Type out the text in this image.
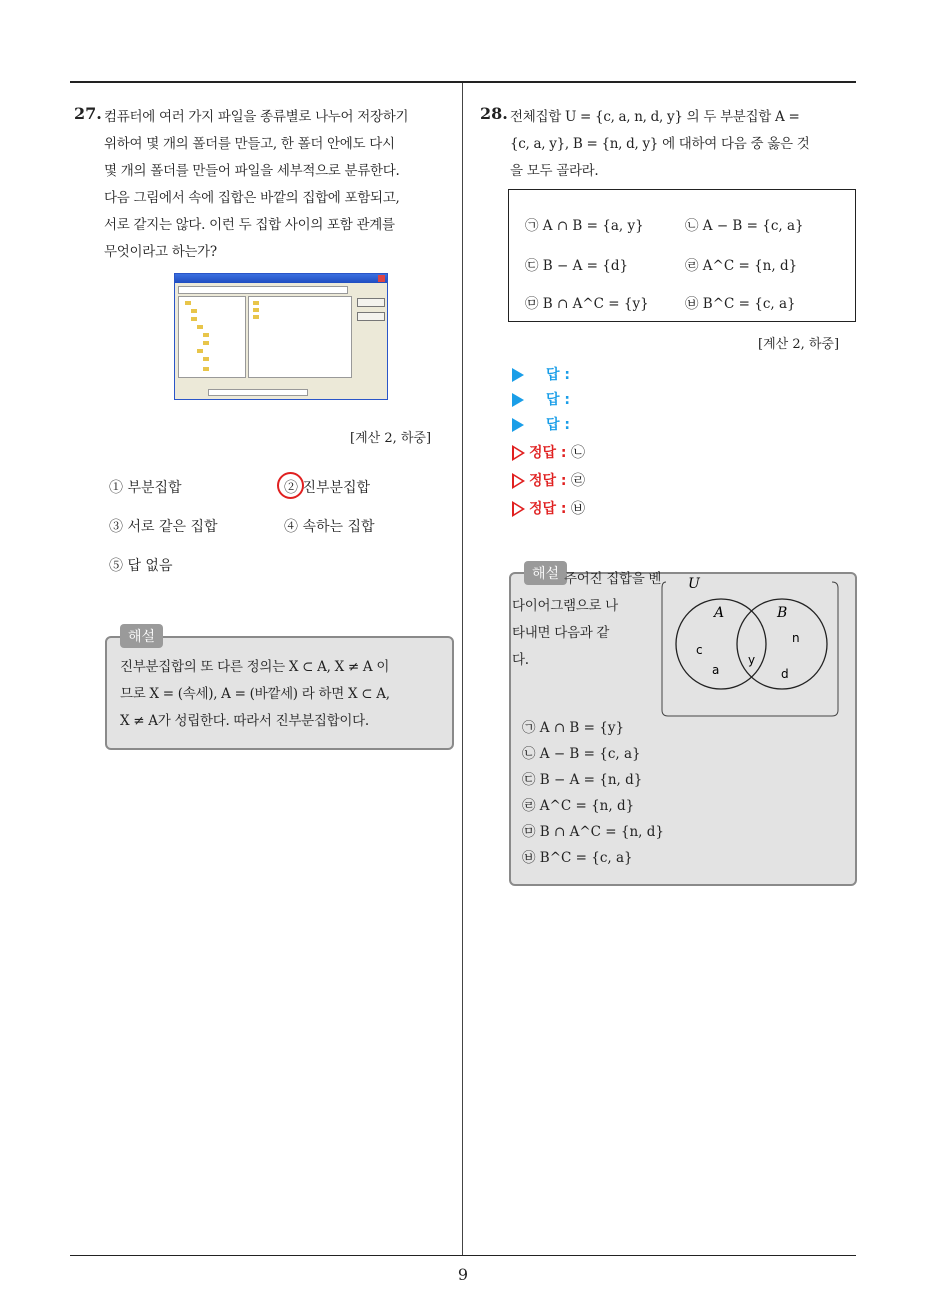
9
27. 컴퓨터에 여러 가지 파일을 종류별로 나누어 저장하기

위하여 몇 개의 폴더를 만들고, 한 폴더 안에도 다시

몇 개의 폴더를 만들어 파일을 세부적으로 분류한다.

다음 그림에서 속에 집합은 바깥의 집합에 포함되고,

서로 같지는 않다. 이런 두 집합 사이의 포함 관계를

무엇이라고 하는가?

[계산 2, 하중]
① 부분집합	② 진부분집합
③ 서로 같은 집합	④ 속하는 집합
⑤ 답 없음
해설

진부분집합의 또 다른 정의는 X ⊂ A, X ≠ A 이

므로 X = (속세), A = (바깥세) 라 하면 X ⊂ A,

X ≠ A가 성립한다. 따라서 진부분집합이다.

28. 전체집합 U = {c, a, n, d, y} 의 두 부분집합 A =

{c, a, y}, B = {n, d, y} 에 대하여 다음 중 옳은 것

을 모두 골라라.

㉠ A ∩ B = {a, y}	㉡ A − B = {c, a}
㉢ B − A = {d}	㉣ A^C = {n, d}
㉤ B ∩ A^C = {y}	㉥ B^C = {c, a}
[계산 2, 하중]
답 :
답 :
답 :
정답 : ㉡
정답 : ㉣
정답 : ㉥
해설 주어진 집합을 벤

다이어그램으로 나

타내면 다음과 같

다.

U
A	B
c
a
y
n
d
㉠ A ∩ B = {y}
㉡ A − B = {c, a}
㉢ B − A = {n, d}
㉣ A^C = {n, d}
㉤ B ∩ A^C = {n, d}
㉥ B^C = {c, a}
